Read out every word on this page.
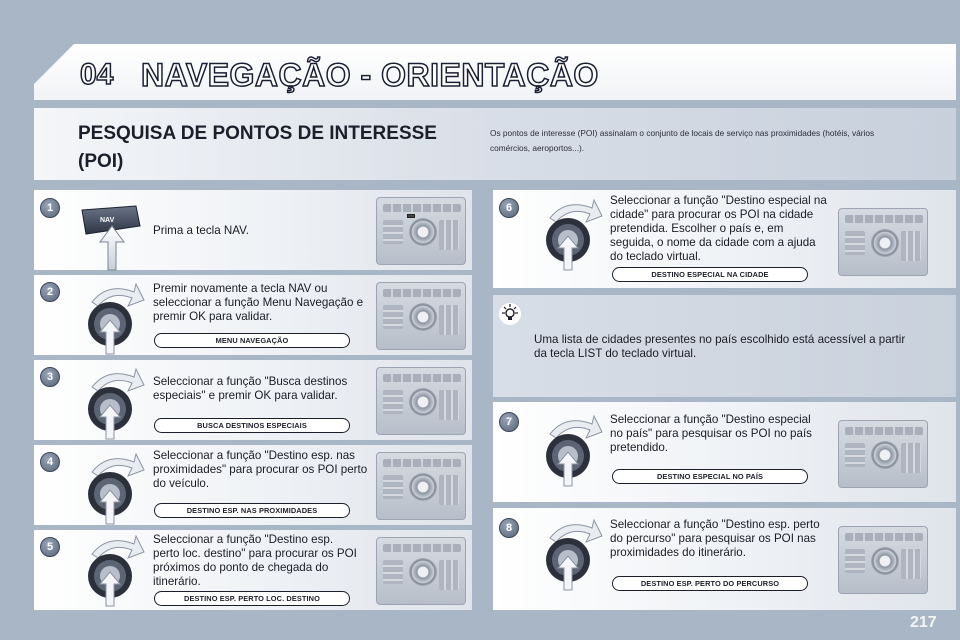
04 NAVEGAÇÃO - ORIENTAÇÃO
PESQUISA DE PONTOS DE INTERESSE (POI)
Os pontos de interesse (POI) assinalam o conjunto de locais de serviço nas proximidades (hotéis, vários comércios, aeroportos...).
1
NAV
Prima a tecla NAV.
2	Premir novamente a tecla NAV ou seleccionar a função Menu Navegação e premir OK para validar.
MENU NAVEGAÇÃO
3	Seleccionar a função "Busca destinos especiais" e premir OK para validar.
BUSCA DESTINOS ESPECIAIS
4	Seleccionar a função "Destino esp. nas proximidades" para procurar os POI perto do veículo.
DESTINO ESP. NAS PROXIMIDADES
5
Seleccionar a função "Destino esp. perto loc. destino" para procurar os POI próximos do ponto de chegada do itinerário.
DESTINO ESP. PERTO LOC. DESTINO
6
Seleccionar a função "Destino especial na cidade" para procurar os POI na cidade pretendida. Escolher o país e, em seguida, o nome da cidade com a ajuda do teclado virtual.
DESTINO ESPECIAL NA CIDADE
Uma lista de cidades presentes no país escolhido está acessível a partir da tecla LIST do teclado virtual.
7	Seleccionar a função "Destino especial no país" para pesquisar os POI no país pretendido.
DESTINO ESPECIAL NO PAÍS
8	Seleccionar a função "Destino esp. perto do percurso" para pesquisar os POI nas proximidades do itinerário.
DESTINO ESP. PERTO DO PERCURSO
217
